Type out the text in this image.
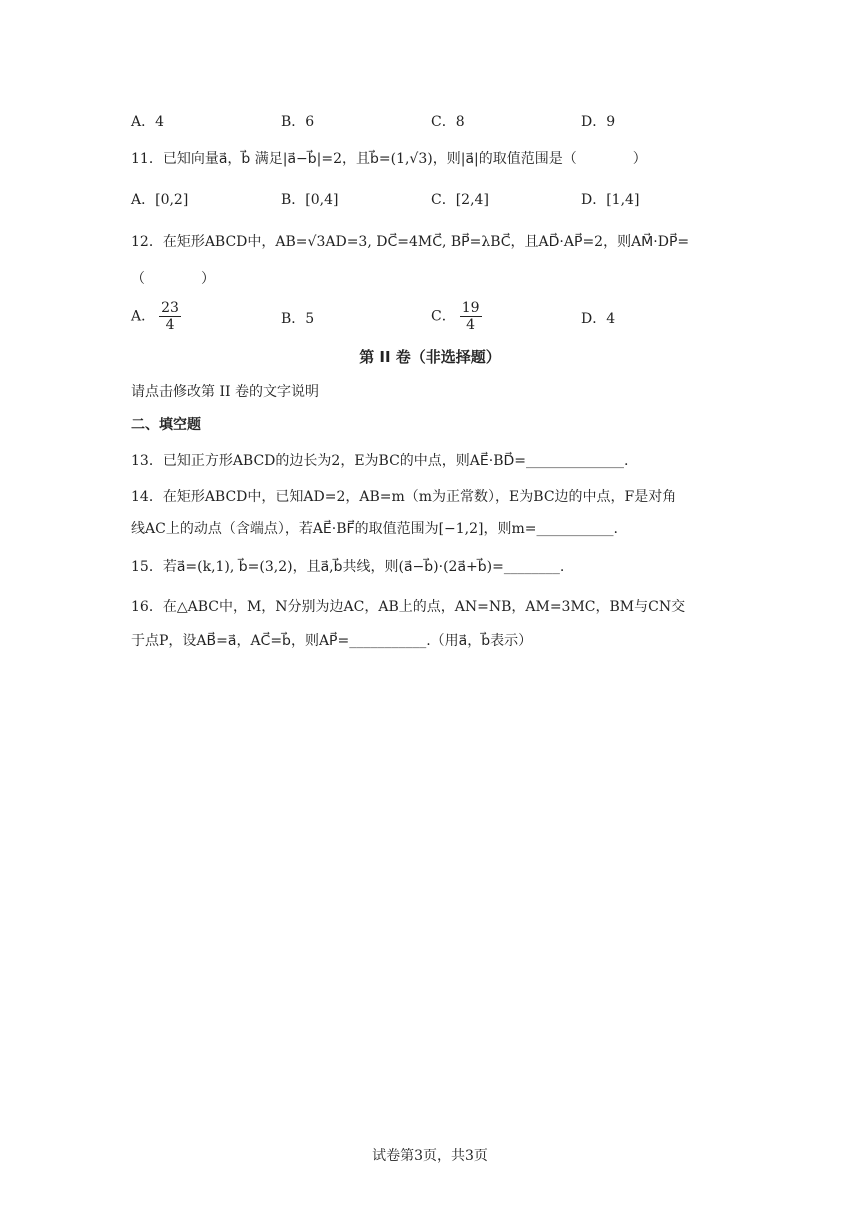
A．4	B．6	C．8	D．9
11．已知向量a⃗，b⃗ 满足|a⃗−b⃗|=2，且b⃗=(1,√3)，则|a⃗|的取值范围是（　　　　）
A．[0,2]	B．[0,4]	C．[2,4]	D．[1,4]
12．在矩形ABCD中，AB=√3AD=3, DC⃗=4MC⃗, BP⃗=λBC⃗，且AD⃗·AP⃗=2，则AM⃗·DP⃗=
（　　　　）
A． $\frac{23}{4}$	B．5	C． $\frac{19}{4}$	D．4
第 II 卷（非选择题）
请点击修改第 II 卷的文字说明
二、填空题
13．已知正方形ABCD的边长为2，E为BC的中点，则AE⃗·BD⃗=______________.
14．在矩形ABCD中，已知AD=2，AB=m（m为正常数），E为BC边的中点，F是对角
线AC上的动点（含端点），若AE⃗·BF⃗的取值范围为[−1,2]，则m=___________.
15．若a⃗=(k,1), b⃗=(3,2)，且a⃗,b⃗共线，则(a⃗−b⃗)·(2a⃗+b⃗)=________.
16．在△ABC中，M，N分别为边AC，AB上的点，AN=NB，AM=3MC，BM与CN交
于点P，设AB⃗=a⃗，AC⃗=b⃗，则AP⃗=___________.（用a⃗，b⃗表示）
试卷第3页，共3页
